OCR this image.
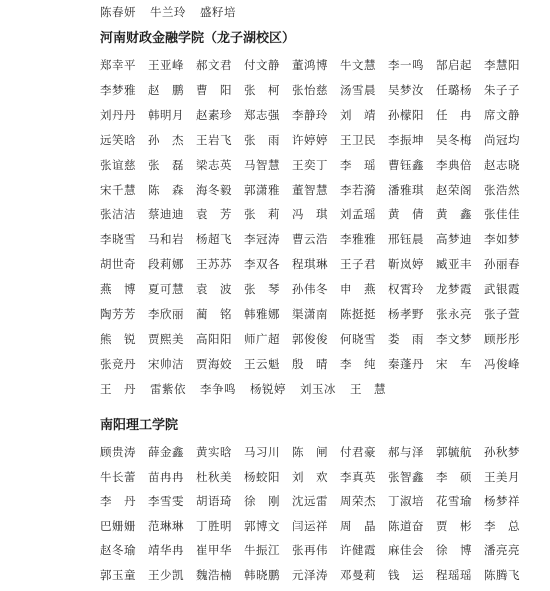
陈春妍 牛兰玲 盛籽培
河南财政金融学院（龙子湖校区）
郑幸平 王亚峰 郝文君 付文静 董鸿博 牛文慧 李一鸣 郜启起 李慧阳
李梦雅 赵　鹏 曹　阳 张　柯 张怡慈 汤雪晨 吴梦汝 任璐杨 朱子子
刘丹丹 韩明月 赵素珍 郑志强 李静玲 刘　靖 孙檬阳 任　冉 席文静
远笑晗 孙　杰 王岩飞 张　雨 许婷婷 王卫民 李振坤 吴冬梅 尚冠均
张谊慈 张　磊 梁志英 马智慧 王奕丁 李　瑶 曹钰鑫 李典倍 赵志晓
宋千慧 陈　森 海冬毅 郭潇雅 董智慧 李若漪 潘雅琪 赵荣阁 张浩然
张洁洁 蔡迪迪 袁　芳 张　莉 冯　琪 刘孟瑶 黄　倩 黄　鑫 张佳佳
李晓雪 马和岩 杨超飞 李冠涛 曹云浩 李雅雅 邢钰晨 高梦迪 李如梦
胡世奇 段莉娜 王苏苏 李双各 程琪琳 王子君 靳岚婷 臧亚丰 孙丽春
燕　博 夏可慧 袁　波 张　琴 孙伟冬 申　燕 权霄玲 龙梦霞 武银霞
陶芳芳 李欣丽 蔺　铭 韩雅娜 渠潇南 陈挺挺 杨孝野 张永亮 张子萱
熊　锐 贾熙美 高阳阳 师广超 郭俊俊 何晓雪 娄　雨 李文梦 顾彤彤
张竞丹 宋帅洁 贾海姣 王云魁 殷　晴 李　纯 秦蓬丹 宋　车 冯俊峰
王　丹 雷紫依 李争鸣 杨锐婷 刘玉冰 王　慧
南阳理工学院
顾贵涛 薛金鑫 黄实晗 马习川 陈　闸 付君豪 郝与泽 郭毓航 孙秋梦
牛长蕾 苗冉冉 杜秋美 杨蛟阳 刘　欢 李真英 张智鑫 李　硕 王美月
李　丹 李雪雯 胡语琦 徐　刚 沈远雷 周荣杰 丁淑培 花雪瑜 杨梦祥
巴姗姗 范琳琳 丁胜明 郭博文 闫运祥 周　晶 陈道奋 贾　彬 李　总
赵冬瑜 靖华冉 崔甲华 牛振江 张再伟 许健霞 麻佳会 徐　博 潘亮亮
郭玉童 王少凯 魏浩楠 韩晓鹏 元泽涛 邓曼莉 钱　运 程瑶瑶 陈腾飞
